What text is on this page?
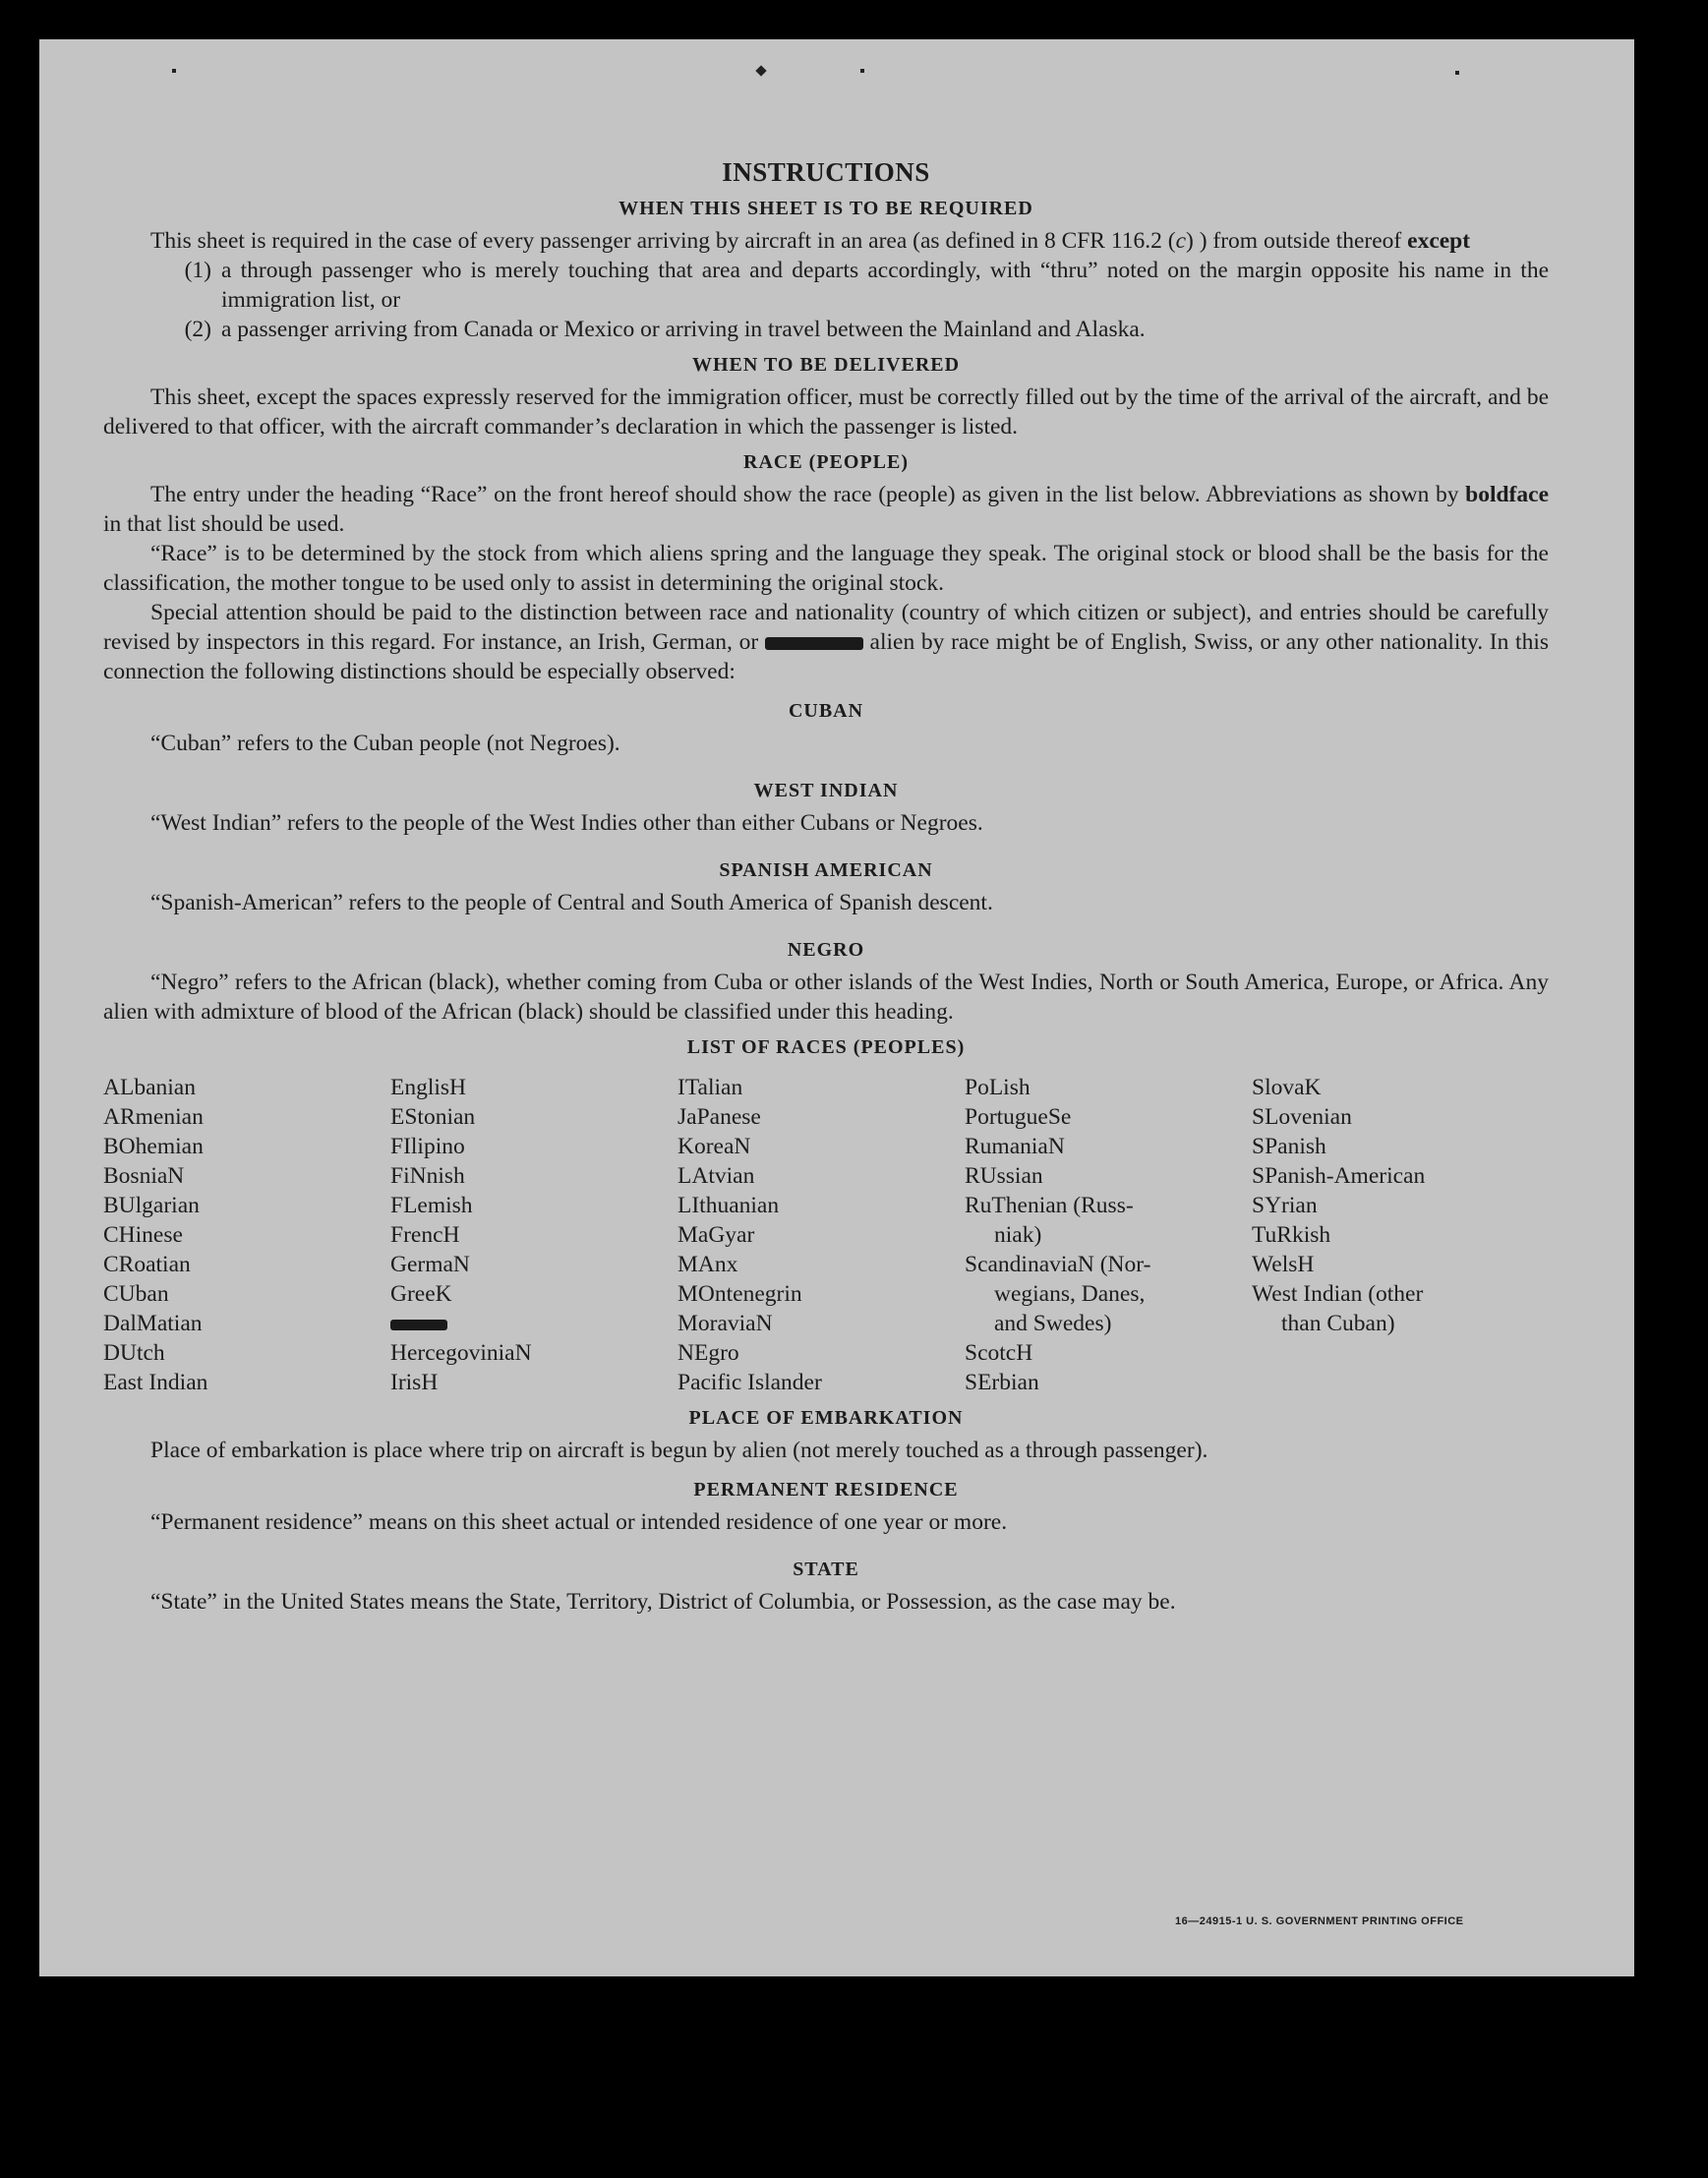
INSTRUCTIONS
WHEN THIS SHEET IS TO BE REQUIRED

This sheet is required in the case of every passenger arriving by aircraft in an area (as defined in 8 CFR 116.2 (c) ) from outside thereof except

(1) a through passenger who is merely touching that area and departs accordingly, with “thru” noted on the margin opposite his name in the immigration list, or
(2) a passenger arriving from Canada or Mexico or arriving in travel between the Mainland and Alaska.
WHEN TO BE DELIVERED

This sheet, except the spaces expressly reserved for the immigration officer, must be correctly filled out by the time of the arrival of the aircraft, and be delivered to that officer, with the aircraft commander’s declaration in which the passenger is listed.

RACE (PEOPLE)

The entry under the heading “Race” on the front hereof should show the race (people) as given in the list below. Abbreviations as shown by boldface in that list should be used.

“Race” is to be determined by the stock from which aliens spring and the language they speak. The original stock or blood shall be the basis for the classification, the mother tongue to be used only to assist in determining the original stock.

Special attention should be paid to the distinction between race and nationality (country of which citizen or subject), and entries should be carefully revised by inspectors in this regard. For instance, an Irish, German, or	alien by race might be of English, Swiss, or any other nationality. In this connection the following distinctions should be especially observed:

CUBAN

“Cuban” refers to the Cuban people (not Negroes).

WEST INDIAN

“West Indian” refers to the people of the West Indies other than either Cubans or Negroes.

SPANISH AMERICAN

“Spanish-American” refers to the people of Central and South America of Spanish descent.

NEGRO

“Negro” refers to the African (black), whether coming from Cuba or other islands of the West Indies, North or South America, Europe, or Africa. Any alien with admixture of blood of the African (black) should be classified under this heading.

LIST OF RACES (PEOPLES)
ALbanian
ARmenian
BOhemian
BosniaN
BUlgarian
CHinese
CRoatian
CUban
DalMatian
DUtch
East Indian
EnglisH
EStonian
FIlipino
FiNnish
FLemish
FrencH
GermaN
GreeK
HercegoviniaN
IrisH
ITalian
JaPanese
KoreaN
LAtvian
LIthuanian
MaGyar
MAnx
MOntenegrin
MoraviaN
NEgro
Pacific Islander
PoLish
PortugueSe
RumaniaN
RUssian
RuThenian (Russ-
niak)
ScandinaviaN (Nor-
wegians, Danes,
and Swedes)
ScotcH
SErbian
SlovaK
SLovenian
SPanish
SPanish-American
SYrian
TuRkish
WelsH
West Indian (other
than Cuban)
PLACE OF EMBARKATION

Place of embarkation is place where trip on aircraft is begun by alien (not merely touched as a through passenger).

PERMANENT RESIDENCE

“Permanent residence” means on this sheet actual or intended residence of one year or more.

STATE

“State” in the United States means the State, Territory, District of Columbia, or Possession, as the case may be.

16—24915-1 U. S. GOVERNMENT PRINTING OFFICE
